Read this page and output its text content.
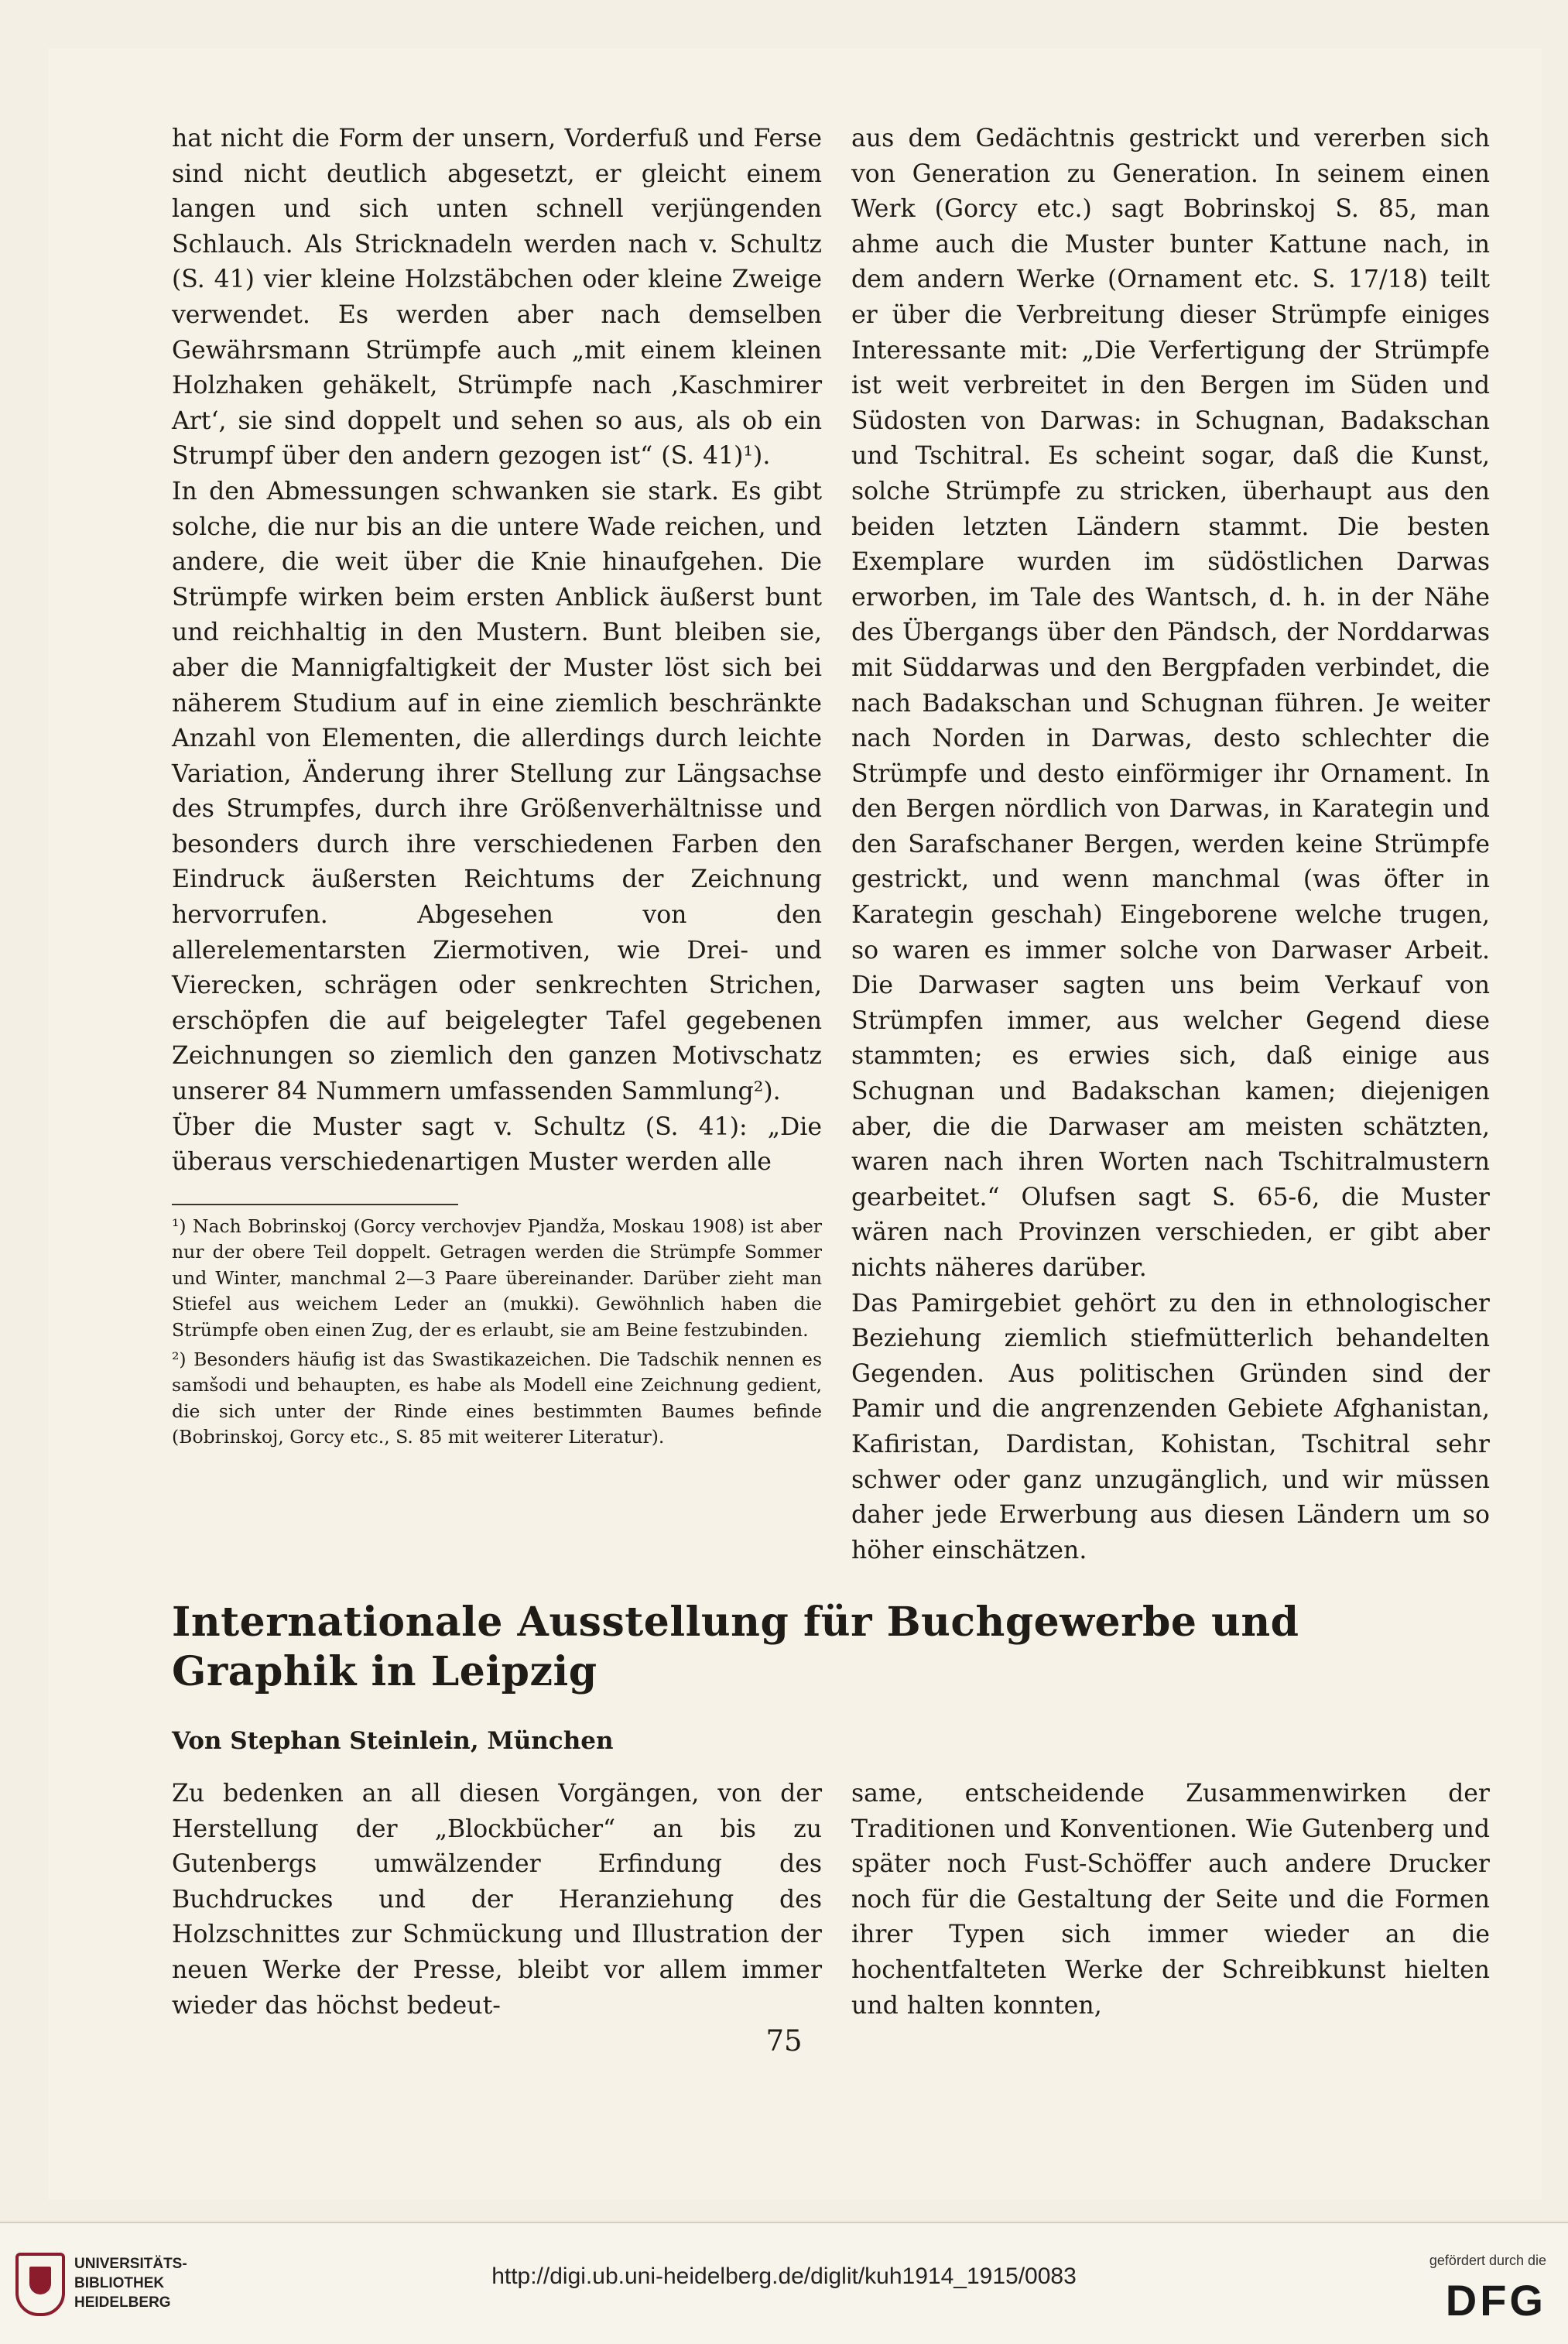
hat nicht die Form der unsern, Vorderfuß und Ferse sind nicht deutlich abgesetzt, er gleicht einem langen und sich unten schnell verjüngenden Schlauch. Als Stricknadeln werden nach v. Schultz (S. 41) vier kleine Holzstäbchen oder kleine Zweige verwendet. Es werden aber nach demselben Gewährsmann Strümpfe auch „mit einem kleinen Holzhaken gehäkelt, Strümpfe nach ‚Kaschmirer Art‘, sie sind doppelt und sehen so aus, als ob ein Strumpf über den andern gezogen ist“ (S. 41)¹).

In den Abmessungen schwanken sie stark. Es gibt solche, die nur bis an die untere Wade reichen, und andere, die weit über die Knie hinaufgehen. Die Strümpfe wirken beim ersten Anblick äußerst bunt und reichhaltig in den Mustern. Bunt bleiben sie, aber die Mannigfaltigkeit der Muster löst sich bei näherem Studium auf in eine ziemlich beschränkte Anzahl von Elementen, die allerdings durch leichte Variation, Änderung ihrer Stellung zur Längsachse des Strumpfes, durch ihre Größenverhältnisse und besonders durch ihre verschiedenen Farben den Eindruck äußersten Reichtums der Zeichnung hervorrufen. Abgesehen von den allerelementarsten Ziermotiven, wie Drei- und Vierecken, schrägen oder senkrechten Strichen, erschöpfen die auf beigelegter Tafel gegebenen Zeichnungen so ziemlich den ganzen Motivschatz unserer 84 Nummern umfassenden Sammlung²).

Über die Muster sagt v. Schultz (S. 41): „Die überaus verschiedenartigen Muster werden alle

¹) Nach Bobrinskoj (Gorcy verchovjev Pjandža, Moskau 1908) ist aber nur der obere Teil doppelt. Getragen werden die Strümpfe Sommer und Winter, manchmal 2—3 Paare übereinander. Darüber zieht man Stiefel aus weichem Leder an (mukki). Gewöhnlich haben die Strümpfe oben einen Zug, der es erlaubt, sie am Beine festzubinden.

²) Besonders häufig ist das Swastikazeichen. Die Tadschik nennen es samšodi und behaupten, es habe als Modell eine Zeichnung gedient, die sich unter der Rinde eines bestimmten Baumes befinde (Bobrinskoj, Gorcy etc., S. 85 mit weiterer Literatur).

aus dem Gedächtnis gestrickt und vererben sich von Generation zu Generation. In seinem einen Werk (Gorcy etc.) sagt Bobrinskoj S. 85, man ahme auch die Muster bunter Kattune nach, in dem andern Werke (Ornament etc. S. 17/18) teilt er über die Verbreitung dieser Strümpfe einiges Interessante mit: „Die Verfertigung der Strümpfe ist weit verbreitet in den Bergen im Süden und Südosten von Darwas: in Schugnan, Badakschan und Tschitral. Es scheint sogar, daß die Kunst, solche Strümpfe zu stricken, überhaupt aus den beiden letzten Ländern stammt. Die besten Exemplare wurden im südöstlichen Darwas erworben, im Tale des Wantsch, d. h. in der Nähe des Übergangs über den Pändsch, der Norddarwas mit Süddarwas und den Bergpfaden verbindet, die nach Badakschan und Schugnan führen. Je weiter nach Norden in Darwas, desto schlechter die Strümpfe und desto einförmiger ihr Ornament. In den Bergen nördlich von Darwas, in Karategin und den Sarafschaner Bergen, werden keine Strümpfe gestrickt, und wenn manchmal (was öfter in Karategin geschah) Eingeborene welche trugen, so waren es immer solche von Darwaser Arbeit. Die Darwaser sagten uns beim Verkauf von Strümpfen immer, aus welcher Gegend diese stammten; es erwies sich, daß einige aus Schugnan und Badakschan kamen; diejenigen aber, die die Darwaser am meisten schätzten, waren nach ihren Worten nach Tschitralmustern gearbeitet.“ Olufsen sagt S. 65-6, die Muster wären nach Provinzen verschieden, er gibt aber nichts näheres darüber.

Das Pamirgebiet gehört zu den in ethnologischer Beziehung ziemlich stiefmütterlich behandelten Gegenden. Aus politischen Gründen sind der Pamir und die angrenzenden Gebiete Afghanistan, Kafiristan, Dardistan, Kohistan, Tschitral sehr schwer oder ganz unzugänglich, und wir müssen daher jede Erwerbung aus diesen Ländern um so höher einschätzen.

Internationale Ausstellung für Buchgewerbe und Graphik in Leipzig
Von Stephan Steinlein, München

Zu bedenken an all diesen Vorgängen, von der Herstellung der „Blockbücher“ an bis zu Gutenbergs umwälzender Erfindung des Buchdruckes und der Heranziehung des Holzschnittes zur Schmückung und Illustration der neuen Werke der Presse, bleibt vor allem immer wieder das höchst bedeut-

same, entscheidende Zusammenwirken der Traditionen und Konventionen. Wie Gutenberg und später noch Fust-Schöffer auch andere Drucker noch für die Gestaltung der Seite und die Formen ihrer Typen sich immer wieder an die hochentfalteten Werke der Schreibkunst hielten und halten konnten,

75
UNIVERSITÄTS-
BIBLIOTHEK
HEIDELBERG
http://digi.ub.uni-heidelberg.de/diglit/kuh1914_1915/0083
gefördert durch die
DFG
